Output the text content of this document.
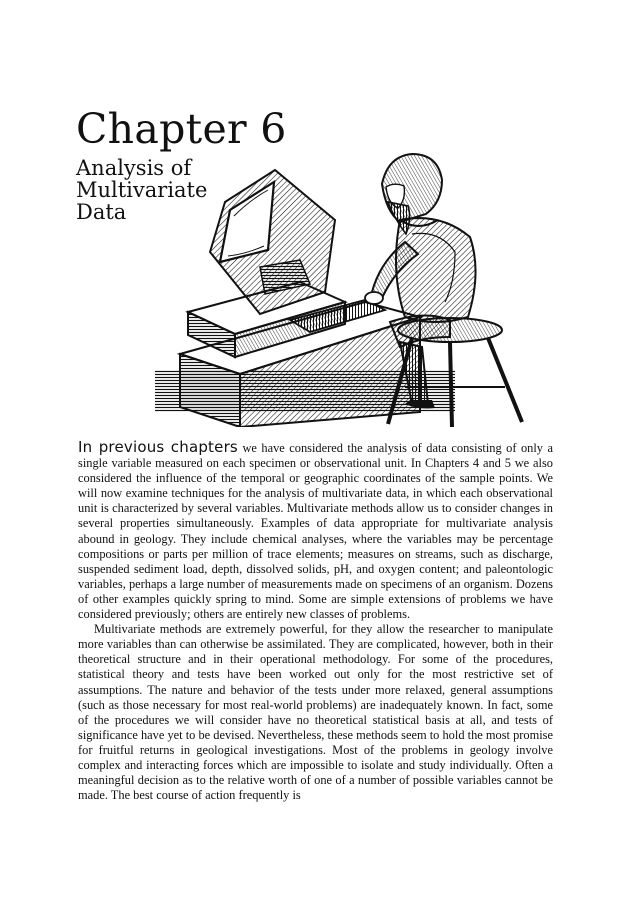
Chapter 6
Analysis of
Multivariate
Data

In previous chapters we have considered the analysis of data consisting of only a single variable measured on each specimen or observational unit. In Chapters 4 and 5 we also considered the influence of the temporal or geographic coordinates of the sample points. We will now examine techniques for the analysis of multivariate data, in which each observational unit is characterized by several variables. Multivariate methods allow us to consider changes in several properties simultaneously. Examples of data appropriate for multivariate analysis abound in geology. They include chemical analyses, where the variables may be percentage compositions or parts per million of trace elements; measures on streams, such as discharge, suspended sediment load, depth, dissolved solids, pH, and oxygen content; and paleontologic variables, perhaps a large number of measurements made on specimens of an organism. Dozens of other examples quickly spring to mind. Some are simple extensions of problems we have considered previously; others are entirely new classes of problems.

Multivariate methods are extremely powerful, for they allow the researcher to manipulate more variables than can otherwise be assimilated. They are complicated, however, both in their theoretical structure and in their operational methodology. For some of the procedures, statistical theory and tests have been worked out only for the most restrictive set of assumptions. The nature and behavior of the tests under more relaxed, general assumptions (such as those necessary for most real-world problems) are inadequately known. In fact, some of the procedures we will consider have no theoretical statistical basis at all, and tests of significance have yet to be devised. Nevertheless, these methods seem to hold the most promise for fruitful returns in geological investigations. Most of the problems in geology involve complex and interacting forces which are impossible to isolate and study individually. Often a meaningful decision as to the relative worth of one of a number of possible variables cannot be made. The best course of action frequently is
